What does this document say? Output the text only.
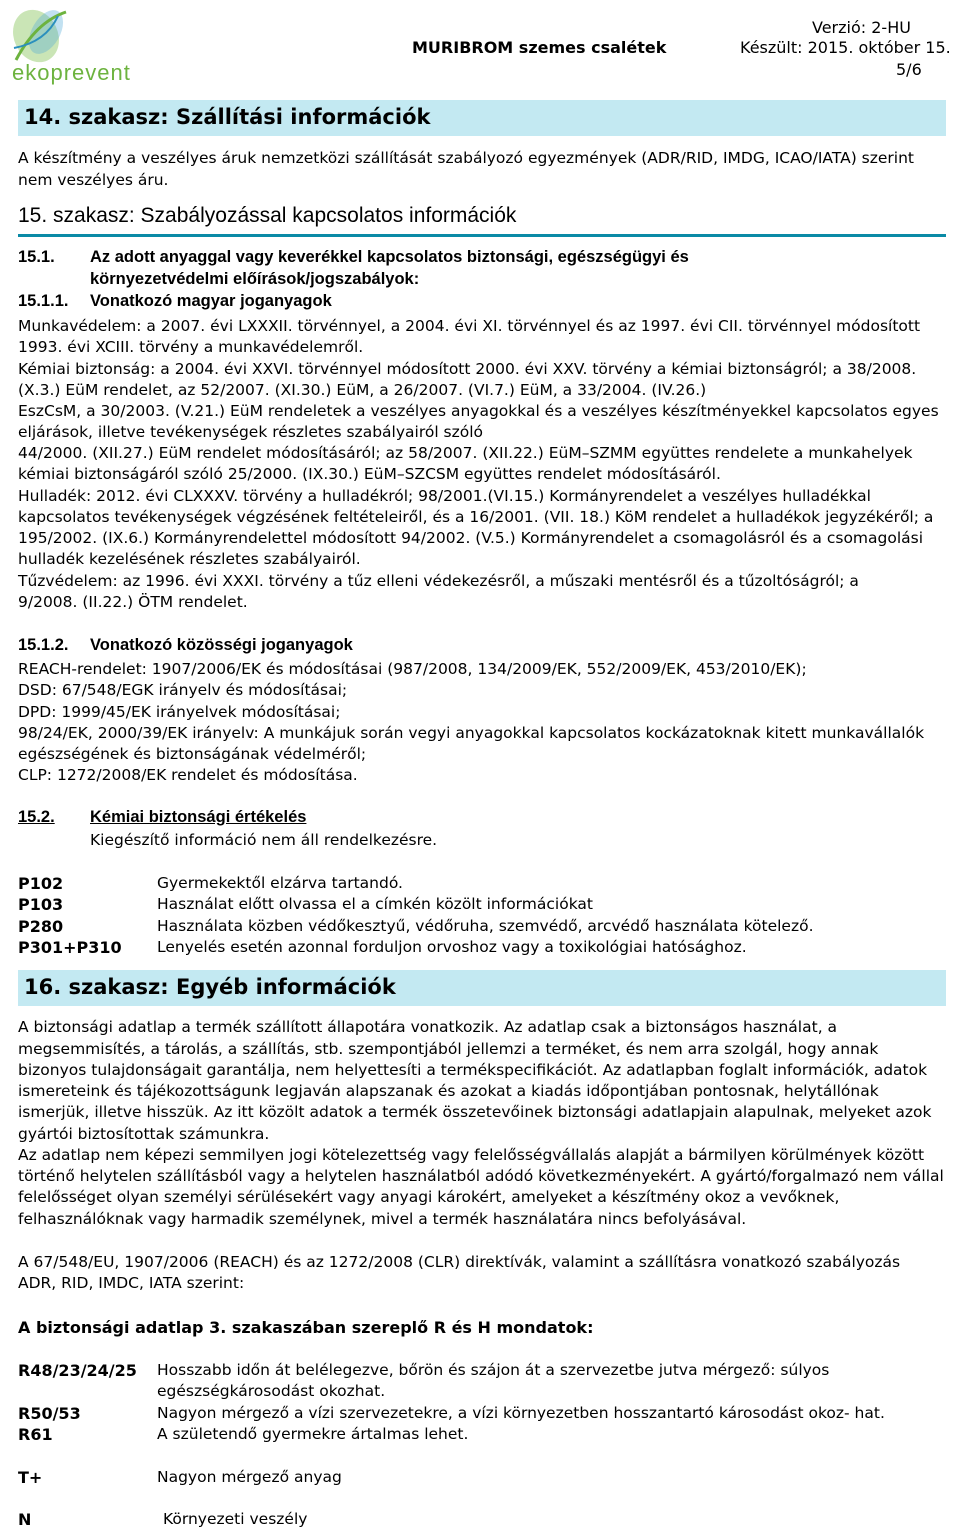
ekoprevent
MURIBROM szemes csalétek
Verzió: 2-HU
Készült: 2015. október 15.
5/6
14. szakasz: Szállítási információk
A készítmény a veszélyes áruk nemzetközi szállítását szabályozó egyezmények (ADR/RID, IMDG, ICAO/IATA) szerint
nem veszélyes áru.
15. szakasz: Szabályozással kapcsolatos információk
15.1. Az adott anyaggal vagy keverékkel kapcsolatos biztonsági, egészségügyi és
környezetvédelmi előírások/jogszabályok:
15.1.1. Vonatkozó magyar joganyagok
Munkavédelem: a 2007. évi LXXXII. törvénnyel, a 2004. évi XI. törvénnyel és az 1997. évi CII. törvénnyel módosított
1993. évi XCIII. törvény a munkavédelemről.
Kémiai biztonság: a 2004. évi XXVI. törvénnyel módosított 2000. évi XXV. törvény a kémiai biztonságról; a 38/2008.
(X.3.) EüM rendelet, az 52/2007. (XI.30.) EüM, a 26/2007. (VI.7.) EüM, a 33/2004. (IV.26.)
EszCsM, a 30/2003. (V.21.) EüM rendeletek a veszélyes anyagokkal és a veszélyes készítményekkel kapcsolatos egyes
eljárások, illetve tevékenységek részletes szabályairól szóló
44/2000. (XII.27.) EüM rendelet módosításáról; az 58/2007. (XII.22.) EüM–SZMM együttes rendelete a munkahelyek
kémiai biztonságáról szóló 25/2000. (IX.30.) EüM–SZCSM együttes rendelet módosításáról.
Hulladék: 2012. évi CLXXXV. törvény a hulladékról; 98/2001.(VI.15.) Kormányrendelet a veszélyes hulladékkal
kapcsolatos tevékenységek végzésének feltételeiről, és a 16/2001. (VII. 18.) KöM rendelet a hulladékok jegyzékéről; a
195/2002. (IX.6.) Kormányrendelettel módosított 94/2002. (V.5.) Kormányrendelet a csomagolásról és a csomagolási
hulladék kezelésének részletes szabályairól.
Tűzvédelem: az 1996. évi XXXI. törvény a tűz elleni védekezésről, a műszaki mentésről és a tűzoltóságról; a
9/2008. (II.22.) ÖTM rendelet.
15.1.2. Vonatkozó közösségi joganyagok
REACH-rendelet: 1907/2006/EK és módosításai (987/2008, 134/2009/EK, 552/2009/EK, 453/2010/EK);
DSD: 67/548/EGK irányelv és módosításai;
DPD: 1999/45/EK irányelvek módosításai;
98/24/EK, 2000/39/EK irányelv: A munkájuk során vegyi anyagokkal kapcsolatos kockázatoknak kitett munkavállalók
egészségének és biztonságának védelméről;
CLP: 1272/2008/EK rendelet és módosítása.
15.2. Kémiai biztonsági értékelés
Kiegészítő információ nem áll rendelkezésre.
P102	Gyermekektől elzárva tartandó.
P103	Használat előtt olvassa el a címkén közölt információkat
P280	Használata közben védőkesztyű, védőruha, szemvédő, arcvédő használata kötelező.
P301+P310 Lenyelés esetén azonnal forduljon orvoshoz vagy a toxikológiai hatósághoz.
16. szakasz: Egyéb információk
A biztonsági adatlap a termék szállított állapotára vonatkozik. Az adatlap csak a biztonságos használat, a
megsemmisítés, a tárolás, a szállítás, stb. szempontjából jellemzi a terméket, és nem arra szolgál, hogy annak
bizonyos tulajdonságait garantálja, nem helyettesíti a termékspecifikációt. Az adatlapban foglalt információk, adatok
ismereteink és tájékozottságunk legjaván alapszanak és azokat a kiadás időpontjában pontosnak, helytállónak
ismerjük, illetve hisszük. Az itt közölt adatok a termék összetevőinek biztonsági adatlapjain alapulnak, melyeket azok
gyártói biztosítottak számunkra.
Az adatlap nem képezi semmilyen jogi kötelezettség vagy felelősségvállalás alapját a bármilyen körülmények között
történő helytelen szállításból vagy a helytelen használatból adódó következményekért. A gyártó/forgalmazó nem vállal
felelősséget olyan személyi sérülésekért vagy anyagi károkért, amelyeket a készítmény okoz a vevőknek,
felhasználóknak vagy harmadik személynek, mivel a termék használatára nincs befolyásával.
A 67/548/EU, 1907/2006 (REACH) és az 1272/2008 (CLR) direktívák, valamint a szállításra vonatkozó szabályozás
ADR, RID, IMDC, IATA szerint:
A biztonsági adatlap 3. szakaszában szereplő R és H mondatok:
R48/23/24/25 Hosszabb időn át belélegezve, bőrön és szájon át a szervezetbe jutva mérgező: súlyos
egészségkárosodást okozhat.
R50/53	Nagyon mérgező a vízi szervezetekre, a vízi környezetben hosszantartó károsodást okoz- hat.
R61	A születendő gyermekre ártalmas lehet.
T+	Nagyon mérgező anyag
N	Környezeti veszély
